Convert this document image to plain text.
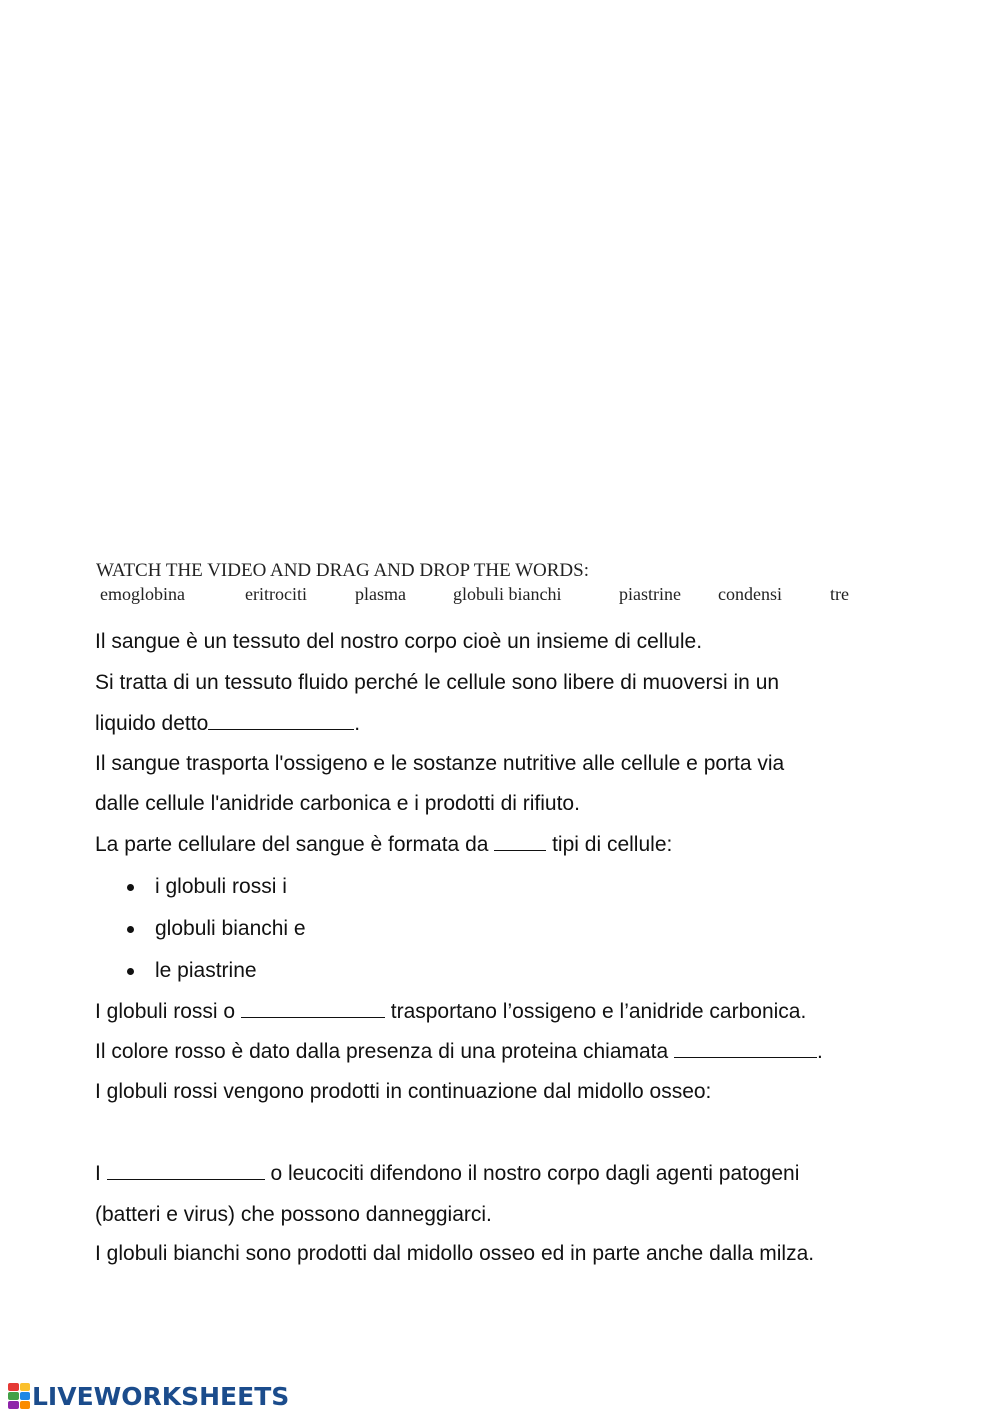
WATCH THE VIDEO AND DRAG AND DROP THE WORDS:
emoglobina	eritrociti	plasma	globuli bianchi	piastrine condensi	tre
Il sangue è un tessuto del nostro corpo cioè un insieme di cellule.
Si tratta di un tessuto fluido perché le cellule sono libere di muoversi in un
liquido detto	.
Il sangue trasporta l'ossigeno e le sostanze nutritive alle cellule e porta via
dalle cellule l'anidride carbonica e i prodotti di rifiuto.
La parte cellulare del sangue è formata da  tipi di cellule:
i globuli rossi i
globuli bianchi e
le piastrine
I globuli rossi o	trasportano l’ossigeno e l’anidride carbonica.
Il colore rosso è dato dalla presenza di una proteina chiamata	.
I globuli rossi vengono prodotti in continuazione dal midollo osseo:
I	o leucociti difendono il nostro corpo dagli agenti patogeni
(batteri e virus) che possono danneggiarci.
I globuli bianchi sono prodotti dal midollo osseo ed in parte anche dalla milza.
LIVEWORKSHEETS
